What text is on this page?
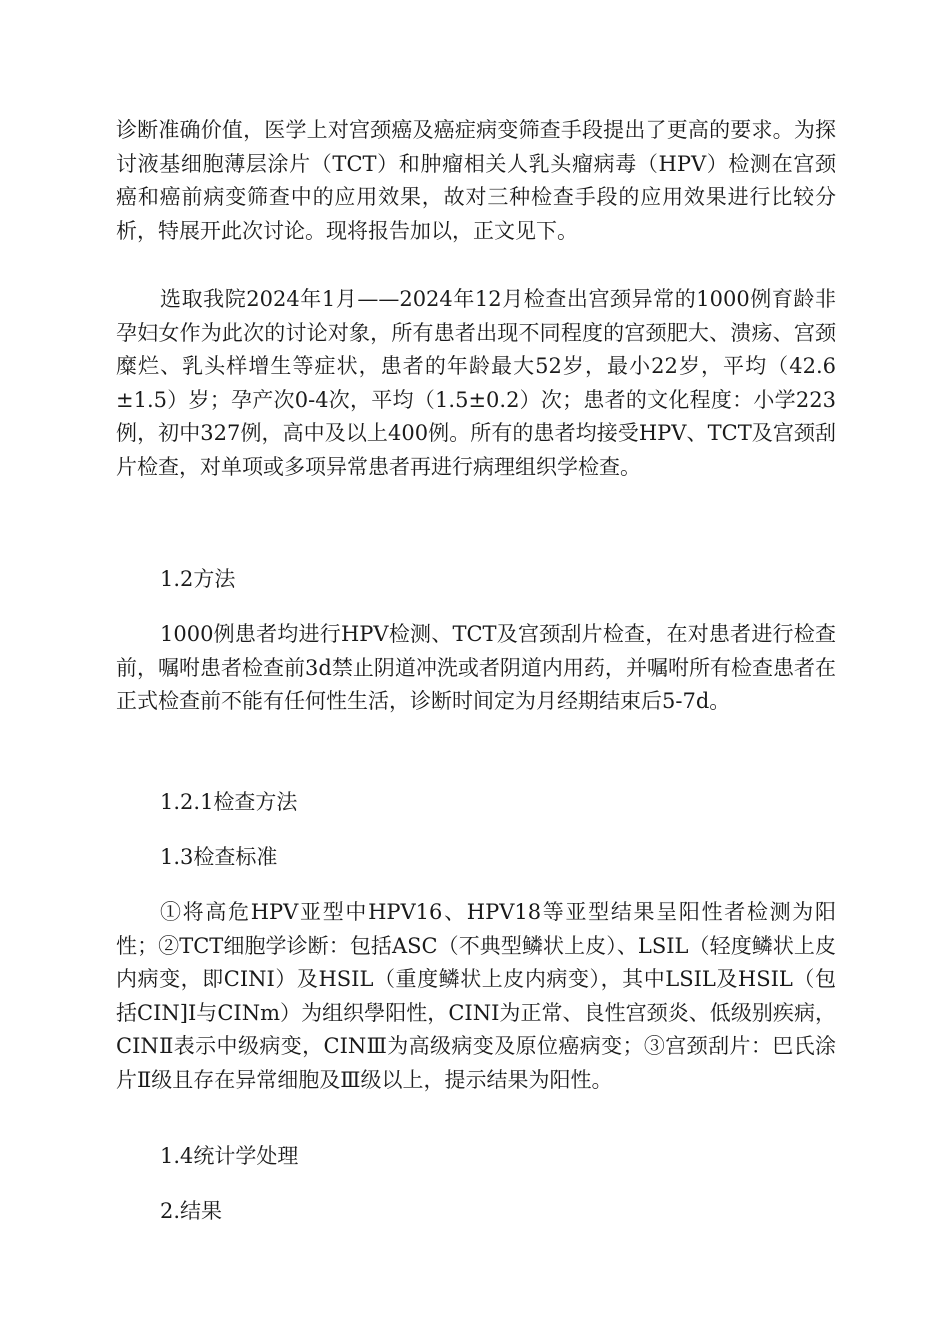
诊断准确价值，医学上对宫颈癌及癌症病变筛查手段提出了更高的要求。为探讨液基细胞薄层涂片（TCT）和肿瘤相关人乳头瘤病毒（HPV）检测在宫颈癌和癌前病变筛查中的应用效果，故对三种检查手段的应用效果进行比较分析，特展开此次讨论。现将报告加以，正文见下。

选取我院2024年1月——2024年12月检查出宫颈异常的1000例育龄非孕妇女作为此次的讨论对象，所有患者出现不同程度的宫颈肥大、溃疡、宫颈糜烂、乳头样增生等症状，患者的年龄最大52岁，最小22岁，平均（42.6±1.5）岁；孕产次0-4次，平均（1.5±0.2）次；患者的文化程度：小学223例，初中327例，高中及以上400例。所有的患者均接受HPV、TCT及宫颈刮片检查，对单项或多项异常患者再进行病理组织学检查。

1.2方法

1000例患者均进行HPV检测、TCT及宫颈刮片检查，在对患者进行检查前，嘱咐患者检查前3d禁止阴道冲洗或者阴道内用药，并嘱咐所有检查患者在正式检查前不能有任何性生活，诊断时间定为月经期结束后5-7d。

1.2.1检查方法

1.3检查标准

①将高危HPV亚型中HPV16、HPV18等亚型结果呈阳性者检测为阳性；②TCT细胞学诊断：包括ASC（不典型鳞状上皮）、LSIL（轻度鳞状上皮内病变，即CINI）及HSIL（重度鳞状上皮内病变），其中LSIL及HSIL（包括CIN]I与CINm）为组织學阳性，CINI为正常、良性宫颈炎、低级别疾病，CINⅡ表示中级病变，CINⅢ为高级病变及原位癌病变；③宫颈刮片：巴氏涂片Ⅱ级且存在异常细胞及Ⅲ级以上，提示结果为阳性。

1.4统计学处理

2.结果
